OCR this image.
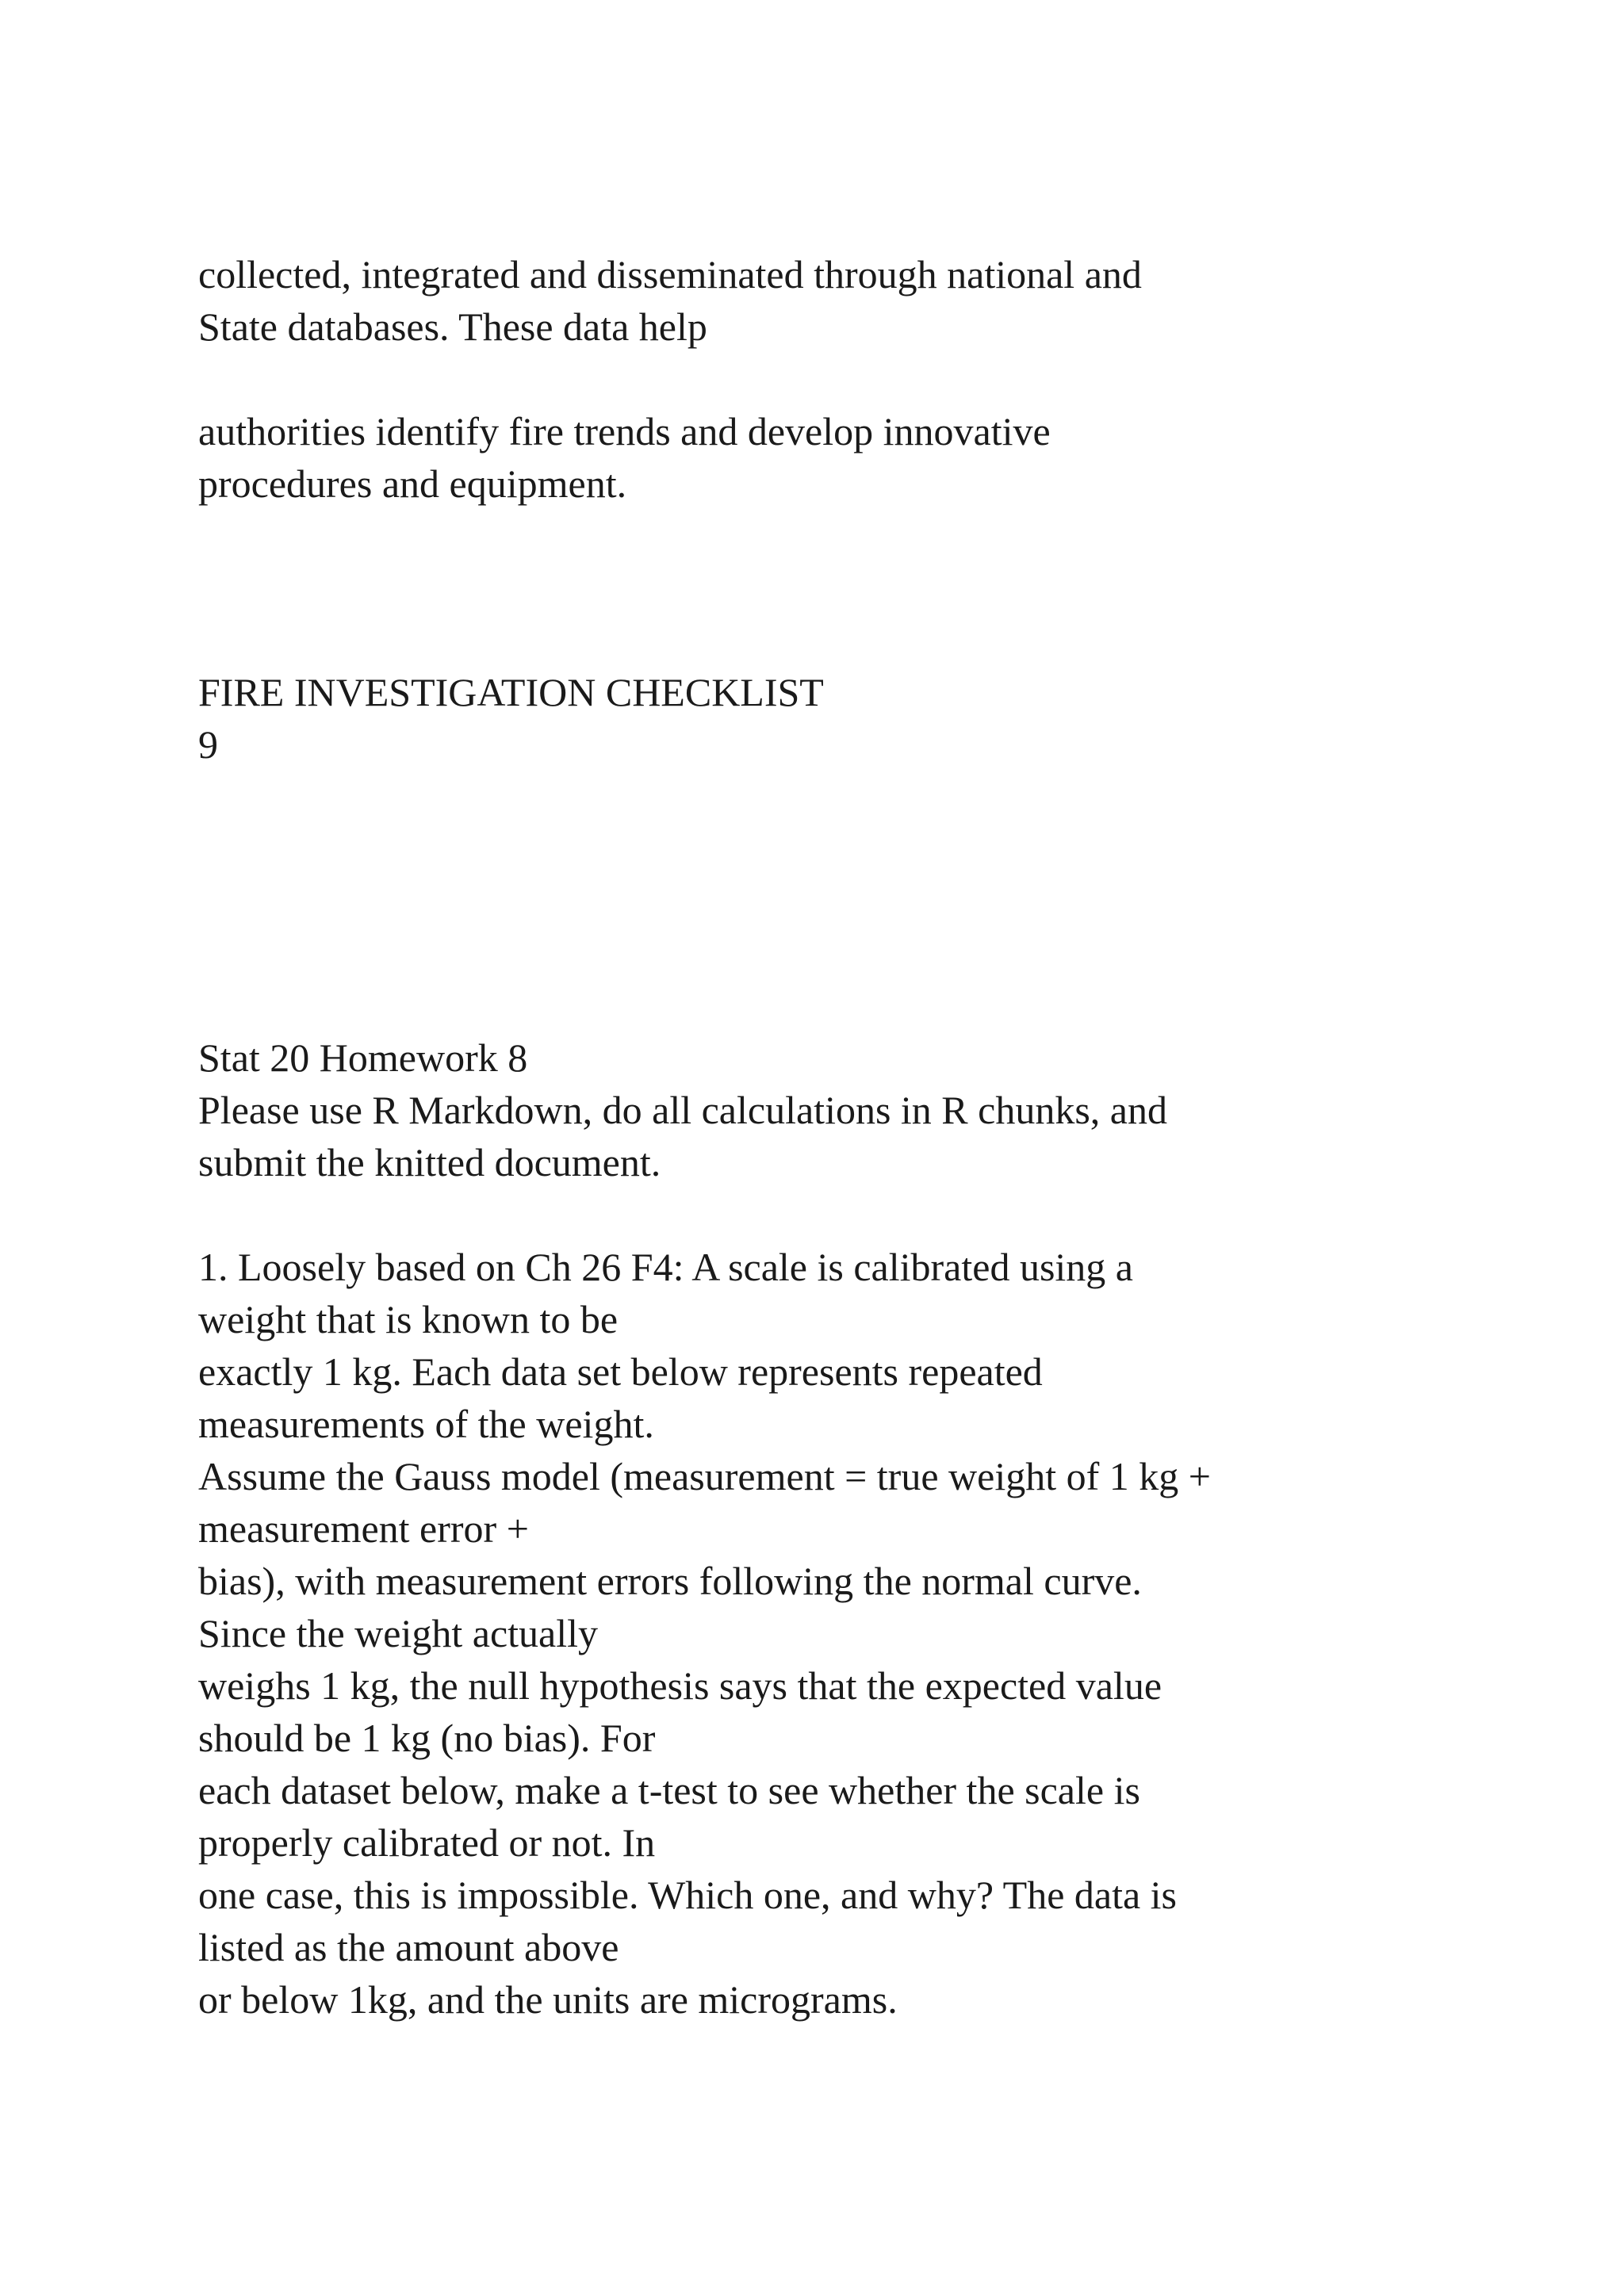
collected, integrated and disseminated through national and
State databases. These data help
authorities identify fire trends and develop innovative
procedures and equipment.
FIRE INVESTIGATION CHECKLIST
9
Stat 20 Homework 8
Please use R Markdown, do all calculations in R chunks, and
submit the knitted document.
1. Loosely based on Ch 26 F4: A scale is calibrated using a
weight that is known to be
exactly 1 kg. Each data set below represents repeated
measurements of the weight.
Assume the Gauss model (measurement = true weight of 1 kg +
measurement error +
bias), with measurement errors following the normal curve.
Since the weight actually
weighs 1 kg, the null hypothesis says that the expected value
should be 1 kg (no bias). For
each dataset below, make a t-test to see whether the scale is
properly calibrated or not. In
one case, this is impossible. Which one, and why? The data is
listed as the amount above
or below 1kg, and the units are micrograms.
